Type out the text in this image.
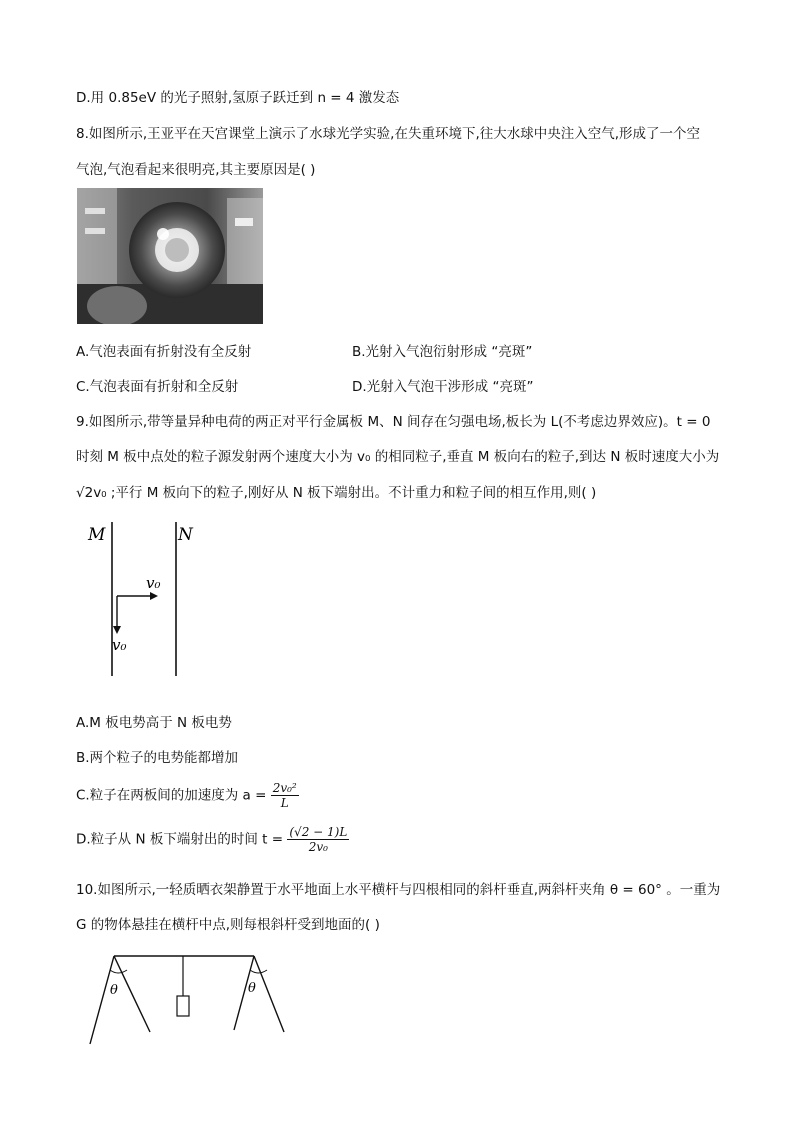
D.用 0.85eV 的光子照射,氢原子跃迁到 n = 4 激发态
8.如图所示,王亚平在天宫课堂上演示了水球光学实验,在失重环境下,往大水球中央注入空气,形成了一个空
气泡,气泡看起来很明亮,其主要原因是( )
A.气泡表面有折射没有全反射	B.光射入气泡衍射形成 “亮斑”
C.气泡表面有折射和全反射	D.光射入气泡干涉形成 “亮斑”
9.如图所示,带等量异种电荷的两正对平行金属板 M、N 间存在匀强电场,板长为 L(不考虑边界效应)。t = 0
时刻 M 板中点处的粒子源发射两个速度大小为 v₀ 的相同粒子,垂直 M 板向右的粒子,到达 N 板时速度大小为
√2v₀ ;平行 M 板向下的粒子,刚好从 N 板下端射出。不计重力和粒子间的相互作用,则( )
M	N
v₀
v₀
A.M 板电势高于 N 板电势
B.两个粒子的电势能都增加
C.粒子在两板间的加速度为 $a = \frac{\text{2v₀²}}{L}$
D.粒子从 N 板下端射出的时间 $t = \frac{(√2 - 1)L}{\text{2v₀}}$
10.如图所示,一轻质晒衣架静置于水平地面上水平横杆与四根相同的斜杆垂直,两斜杆夹角 θ = 60° 。一重为
G 的物体悬挂在横杆中点,则每根斜杆受到地面的( )
θ	θ
